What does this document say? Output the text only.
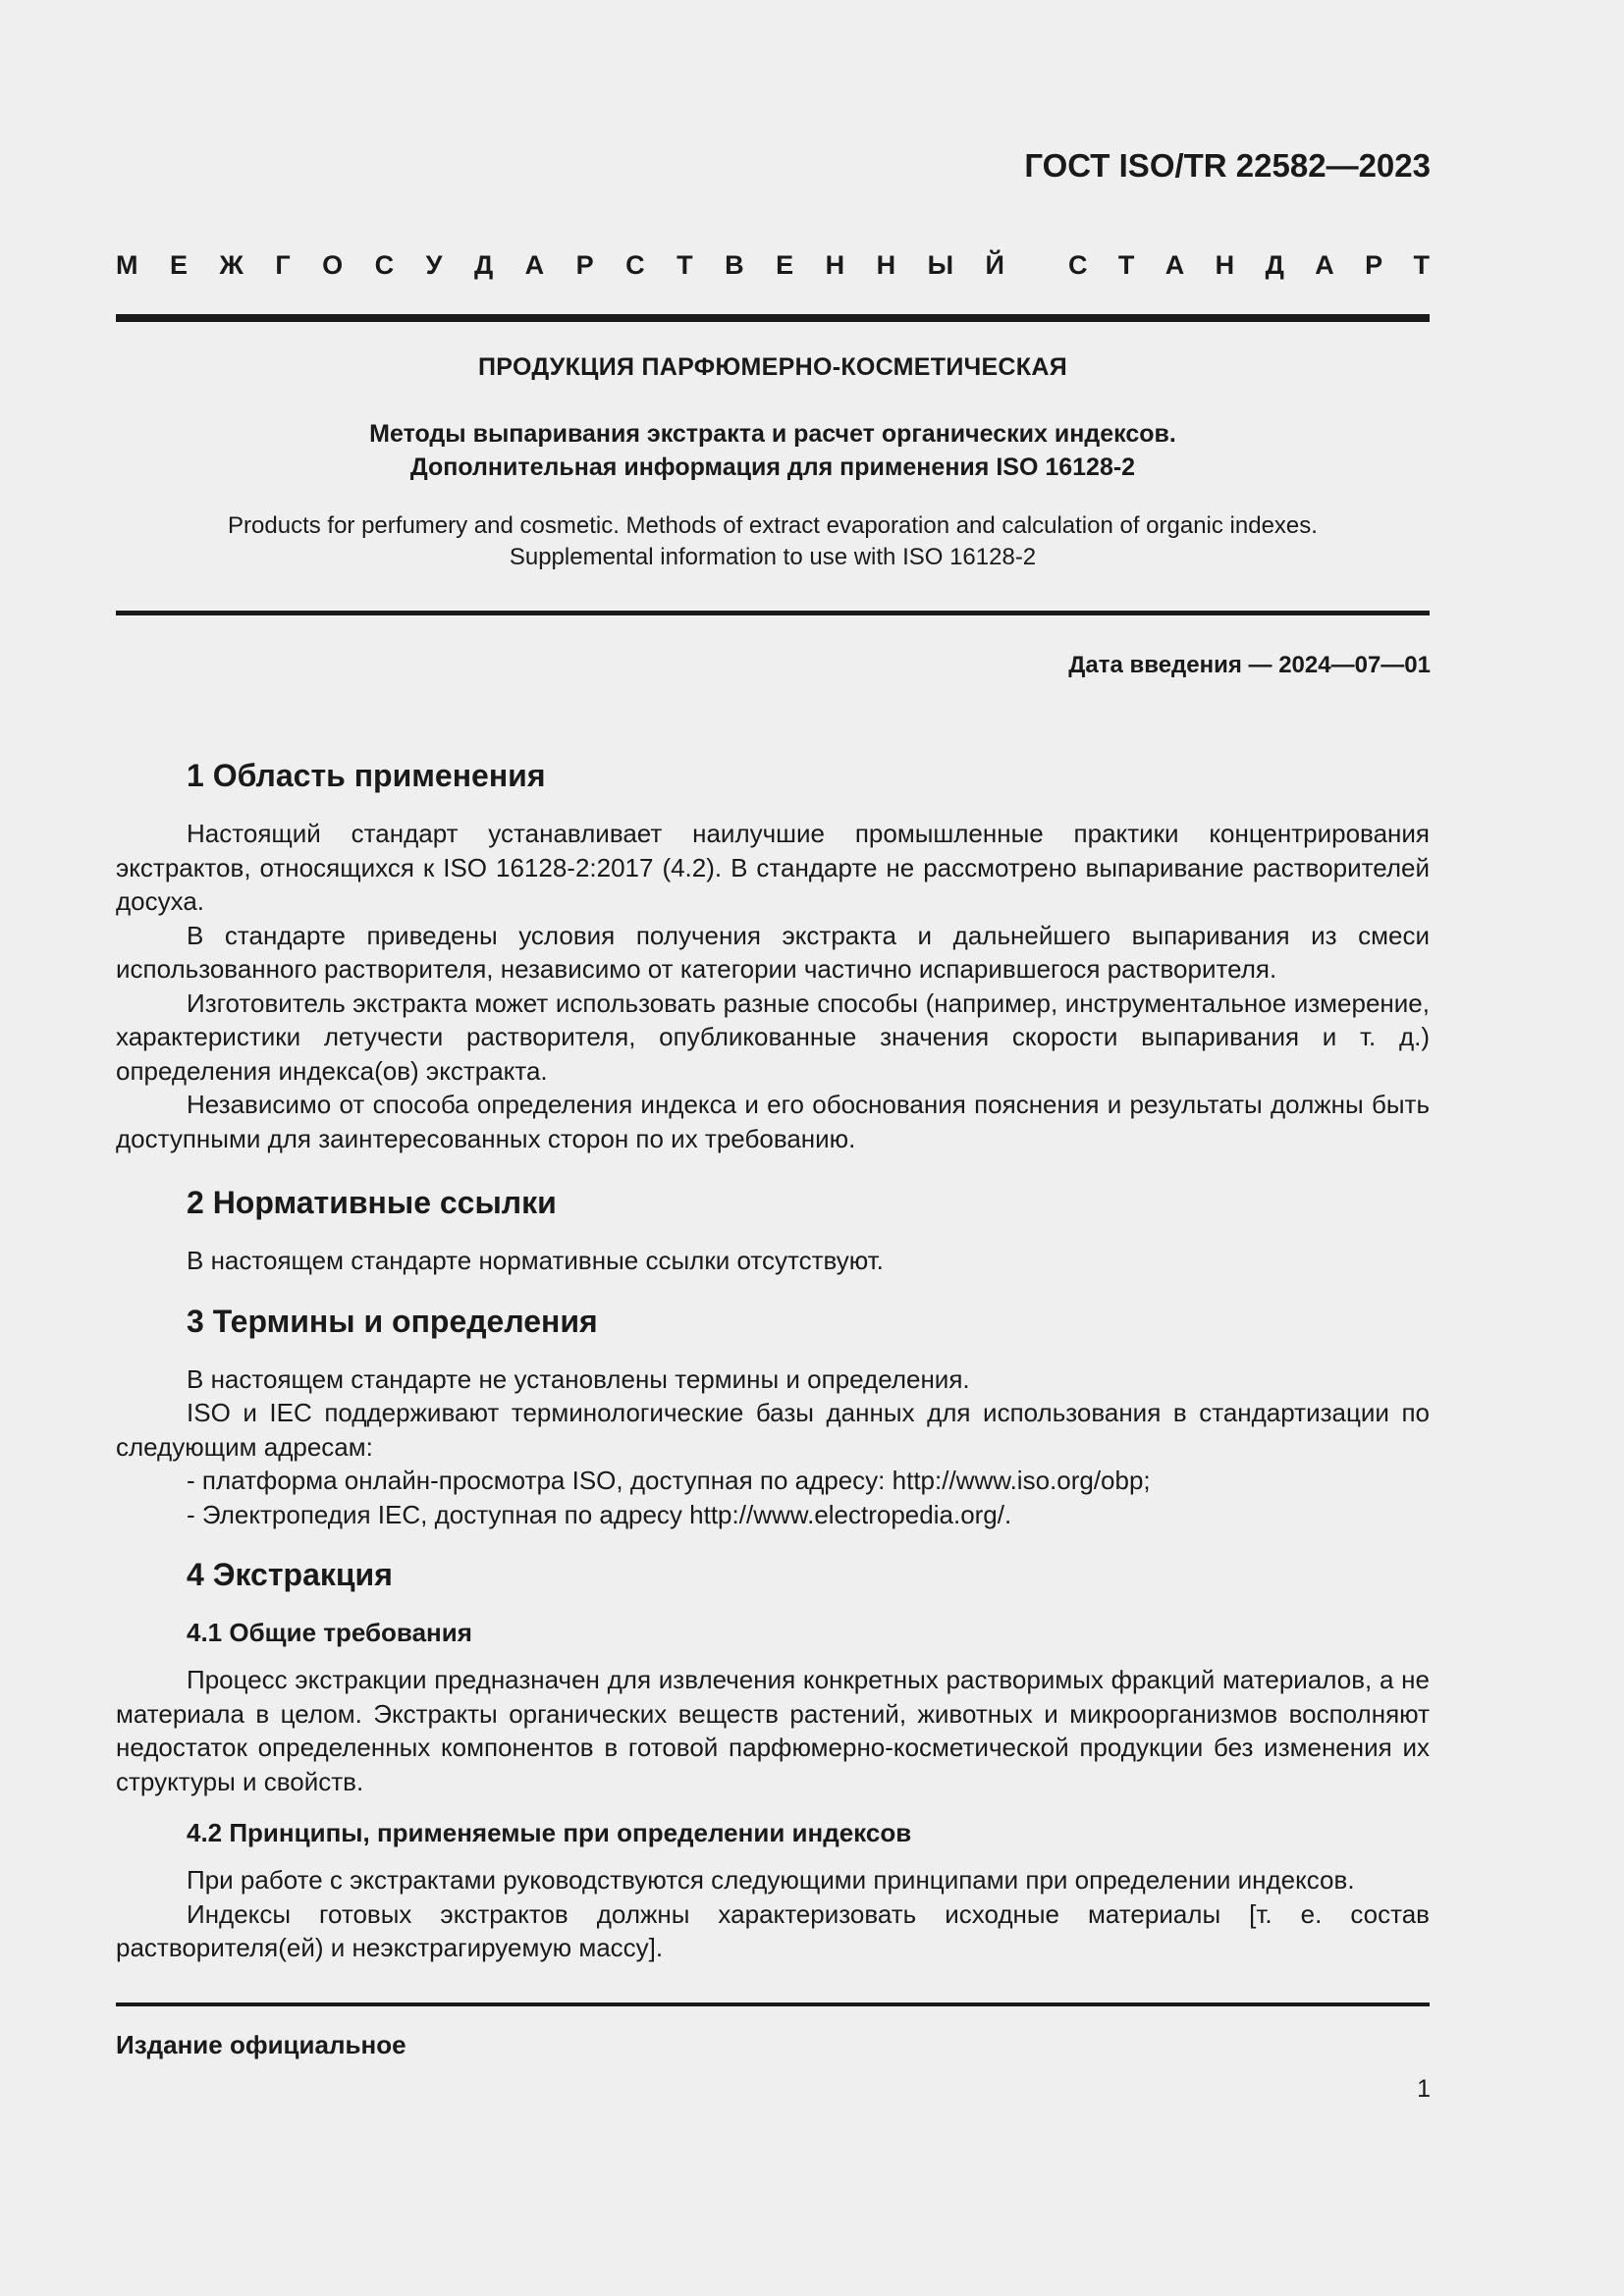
ГОСТ ISO/TR 22582—2023
М Е Ж Г О С У Д А Р С Т В Е Н Н Ы Й С Т А Н Д А Р Т
ПРОДУКЦИЯ ПАРФЮМЕРНО-КОСМЕТИЧЕСКАЯ
Методы выпаривания экстракта и расчет органических индексов.
Дополнительная информация для применения ISO 16128-2
Products for perfumery and cosmetic. Methods of extract evaporation and calculation of organic indexes.
Supplemental information to use with ISO 16128-2
Дата введения — 2024—07—01
1 Область применения

Настоящий стандарт устанавливает наилучшие промышленные практики концентрирования экстрактов, относящихся к ISO 16128-2:2017 (4.2). В стандарте не рассмотрено выпаривание растворителей досуха.

В стандарте приведены условия получения экстракта и дальнейшего выпаривания из смеси использованного растворителя, независимо от категории частично испарившегося растворителя.

Изготовитель экстракта может использовать разные способы (например, инструментальное измерение, характеристики летучести растворителя, опубликованные значения скорости выпаривания и т. д.) определения индекса(ов) экстракта.

Независимо от способа определения индекса и его обоснования пояснения и результаты должны быть доступными для заинтересованных сторон по их требованию.

2 Нормативные ссылки

В настоящем стандарте нормативные ссылки отсутствуют.

3 Термины и определения

В настоящем стандарте не установлены термины и определения.

ISO и IEC поддерживают терминологические базы данных для использования в стандартизации по следующим адресам:

- платформа онлайн-просмотра ISO, доступная по адресу: http://www.iso.org/obp;

- Электропедия IEC, доступная по адресу http://www.electropedia.org/.

4 Экстракция
4.1 Общие требования

Процесс экстракции предназначен для извлечения конкретных растворимых фракций материалов, а не материала в целом. Экстракты органических веществ растений, животных и микроорганизмов восполняют недостаток определенных компонентов в готовой парфюмерно-косметической продукции без изменения их структуры и свойств.

4.2 Принципы, применяемые при определении индексов

При работе с экстрактами руководствуются следующими принципами при определении индексов.

Индексы готовых экстрактов должны характеризовать исходные материалы [т. е. состав растворителя(ей) и неэкстрагируемую массу].

Издание официальное
1
